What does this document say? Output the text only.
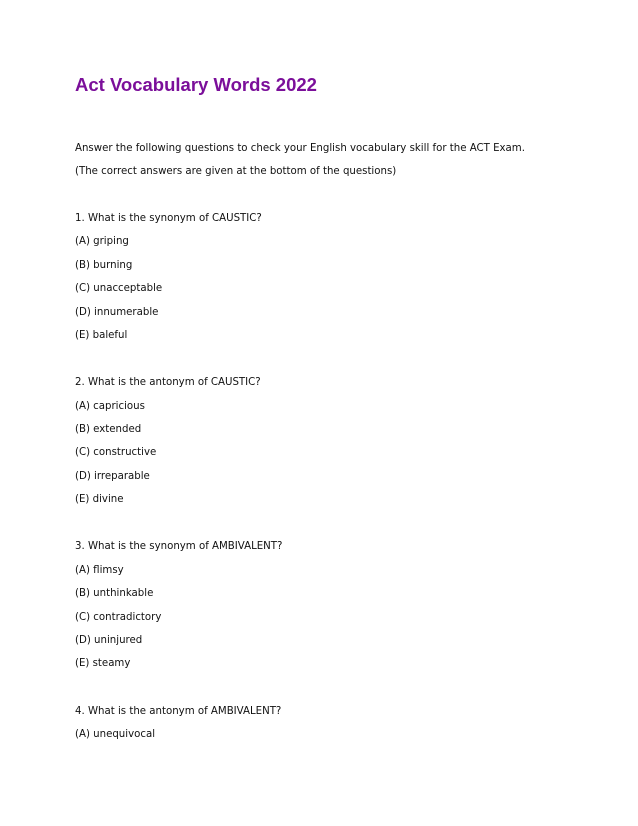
Act Vocabulary Words 2022

Answer the following questions to check your English vocabulary skill for the ACT Exam.

(The correct answers are given at the bottom of the questions)

1. What is the synonym of CAUSTIC?

(A) griping

(B) burning

(C) unacceptable

(D) innumerable

(E) baleful

2. What is the antonym of CAUSTIC?

(A) capricious

(B) extended

(C) constructive

(D) irreparable

(E) divine

3. What is the synonym of AMBIVALENT?

(A) flimsy

(B) unthinkable

(C) contradictory

(D) uninjured

(E) steamy

4. What is the antonym of AMBIVALENT?

(A) unequivocal
